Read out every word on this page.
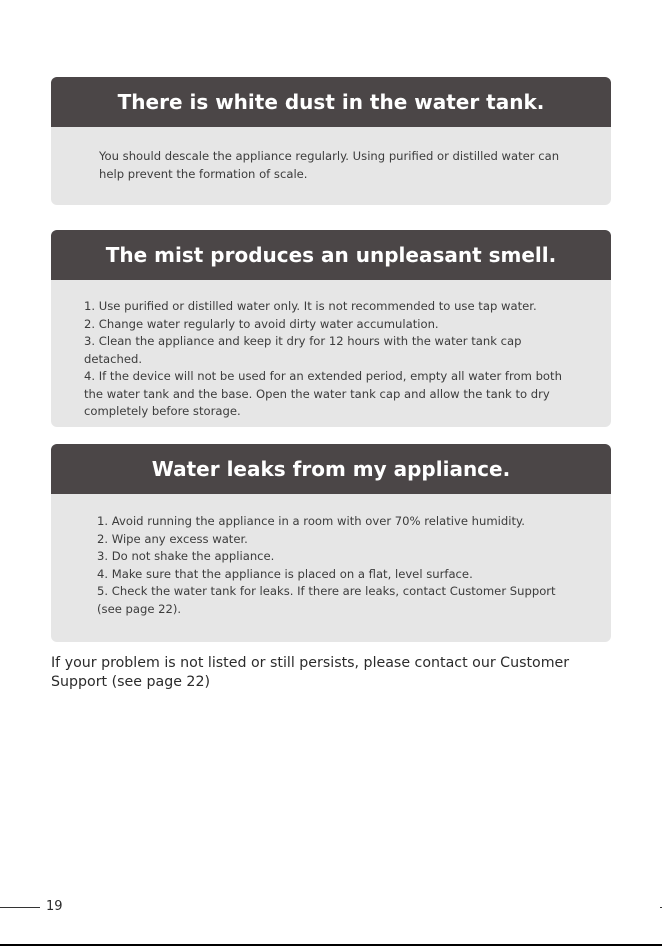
There is white dust in the water tank.

You should descale the appliance regularly. Using purified or distilled water can

help prevent the formation of scale.

The mist produces an unpleasant smell.

1. Use purified or distilled water only. It is not recommended to use tap water.

2. Change water regularly to avoid dirty water accumulation.

3. Clean the appliance and keep it dry for 12 hours with the water tank cap detached.

4. If the device will not be used for an extended period, empty all water from both

the water tank and the base. Open the water tank cap and allow the tank to dry

completely before storage.

Water leaks from my appliance.

1. Avoid running the appliance in a room with over 70% relative humidity.

2. Wipe any excess water.

3. Do not shake the appliance.

4. Make sure that the appliance is placed on a flat, level surface.

5. Check the water tank for leaks. If there are leaks, contact Customer Support

(see page 22).

If your problem is not listed or still persists, please contact our Customer
Support (see page 22)
19
